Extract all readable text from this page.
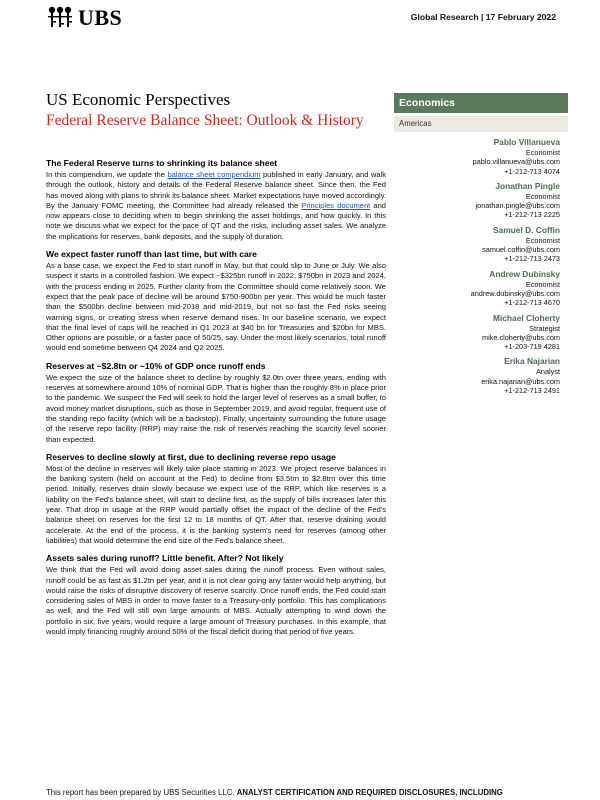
UBS	Global Research | 17 February 2022
US Economic Perspectives
Federal Reserve Balance Sheet: Outlook & History
Economics
Americas
Pablo Villanueva
Economist
pablo.villanueva@ubs.com
+1-212-713 4074
Jonathan Pingle
Economist
jonathan.pingle@ubs.com
+1-212-713 2225
Samuel D. Coffin
Economist
samuel.coffin@ubs.com
+1-212-713 2473
Andrew Dubinsky
Economist
andrew.dubinsky@ubs.com
+1-212-713 4670
Michael Cloherty
Strategist
mike.cloherty@ubs.com
+1-203-719 4281
Erika Najarian
Analyst
erika.najarian@ubs.com
+1-212-713 2491
The Federal Reserve turns to shrinking its balance sheet

In this compendium, we update the balance sheet compendium published in early January, and walk through the outlook, history and details of the Federal Reserve balance sheet. Since then, the Fed has moved along with plans to shrink its balance sheet. Market expectations have moved accordingly. By the January FOMC meeting, the Committee had already released the Principles document and now appears close to deciding when to begin shrinking the asset holdings, and how quickly. In this note we discuss what we expect for the pace of QT and the risks, including asset sales. We analyze the implications for reserves, bank deposits, and the supply of duration.

We expect faster runoff than last time, but with care

As a base case, we expect the Fed to start runoff in May, but that could slip to June or July. We also suspect it starts in a controlled fashion. We expect ~$325bn runoff in 2022, $750bn in 2023 and 2024, with the process ending in 2025. Further clarity from the Committee should come relatively soon. We expect that the peak pace of decline will be around $750-900bn per year. This would be much faster than the $500bn decline between mid-2018 and mid-2019, but not so fast the Fed risks seeing warning signs, or creating stress when reserve demand rises. In our baseline scenario, we expect that the final level of caps will be reached in Q1 2023 at $40 bn for Treasuries and $20bn for MBS. Other options are possible, or a faster pace of 50/25, say. Under the most likely scenarios, total runoff would end sometime between Q4 2024 and Q2 2025.

Reserves at ~$2.8tn or ~10% of GDP once runoff ends

We expect the size of the balance sheet to decline by roughly $2.0tn over three years, ending with reserves at somewhere around 10% of nominal GDP. That is higher than the roughly 8% in place prior to the pandemic. We suspect the Fed will seek to hold the larger level of reserves as a small buffer, to avoid money market disruptions, such as those in September 2019, and avoid regular, frequent use of the standing repo facility (which will be a backstop). Finally, uncertainty surrounding the future usage of the reserve repo facility (RRP) may raise the risk of reserves reaching the scarcity level sooner than expected.

Reserves to decline slowly at first, due to declining reverse repo usage

Most of the decline in reserves will likely take place starting in 2023. We project reserve balances in the banking system (held on account at the Fed) to decline from $3.5trn to $2.8trn over this time period. Initially, reserves drain slowly because we expect use of the RRP, which like reserves is a liability on the Fed's balance sheet, will start to decline first, as the supply of bills increases later this year. That drop in usage at the RRP would partially offset the impact of the decline of the Fed's balance sheet on reserves for the first 12 to 18 months of QT. After that, reserve draining would accelerate. At the end of the process, it is the banking system's need for reserves (among other liabilities) that would determine the end size of the Fed's balance sheet.

Assets sales during runoff? Little benefit. After? Not likely

We think that the Fed will avoid doing asset sales during the runoff process. Even without sales, runoff could be as fast as $1.2tn per year, and it is not clear going any faster would help anything, but would raise the risks of disruptive discovery of reserve scarcity. Once runoff ends, the Fed could start considering sales of MBS in order to move faster to a Treasury-only portfolio. This has complications as well, and the Fed will still own large amounts of MBS. Actually attempting to wind down the portfolio in six, five years, would require a large amount of Treasury purchases. In this example, that would imply financing roughly around 50% of the fiscal deficit during that period of five years.

This report has been prepared by UBS Securities LLC. ANALYST CERTIFICATION AND REQUIRED DISCLOSURES, INCLUDING
